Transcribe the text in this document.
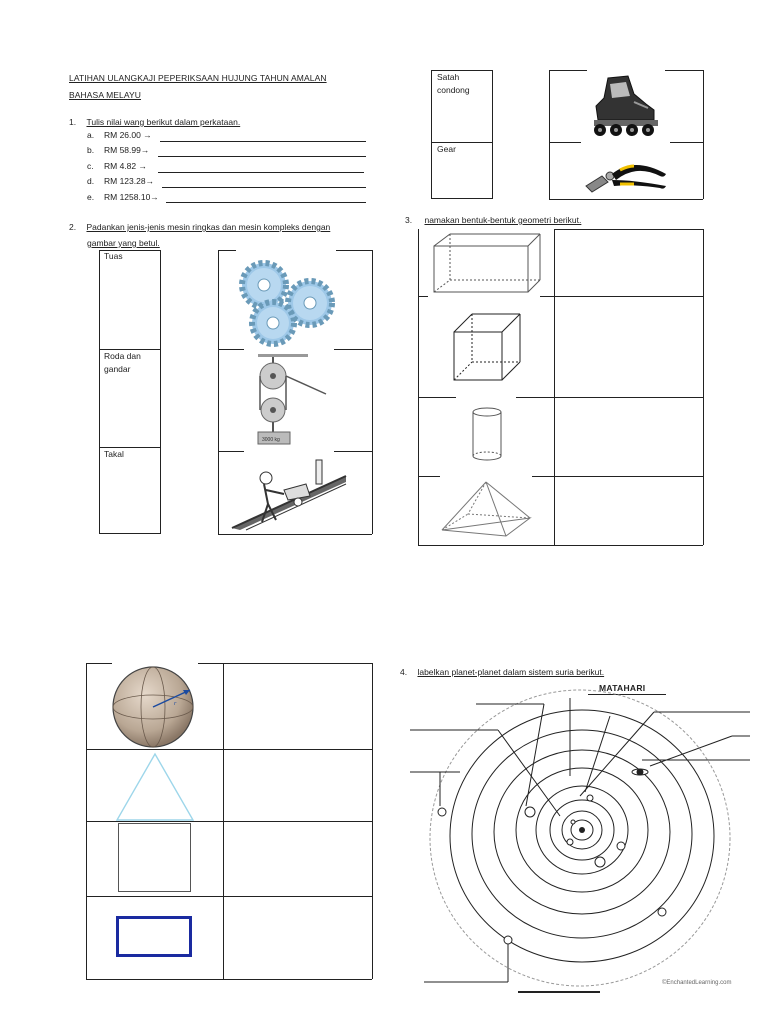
LATIHAN ULANGKAJI PEPERIKSAAN HUJUNG TAHUN AMALAN
BAHASA MELAYU
1. Tulis nilai wang berikut dalam perkataan.
a. RM 26.00 →
b. RM 58.99→
c. RM 4.82 →
d. RM 123.28→
e. RM 1258.10→
2. Padankan jenis-jenis mesin ringkas dan mesin kompleks dengan
gambar yang betul.
Tuas
Roda dan gandar
Takal
3000 kg
Satah condong
Gear
3. namakan bentuk-bentuk geometri berikut.
r
4. labelkan planet-planet dalam sistem suria berikut.
MATAHARI
©EnchantedLearning.com
